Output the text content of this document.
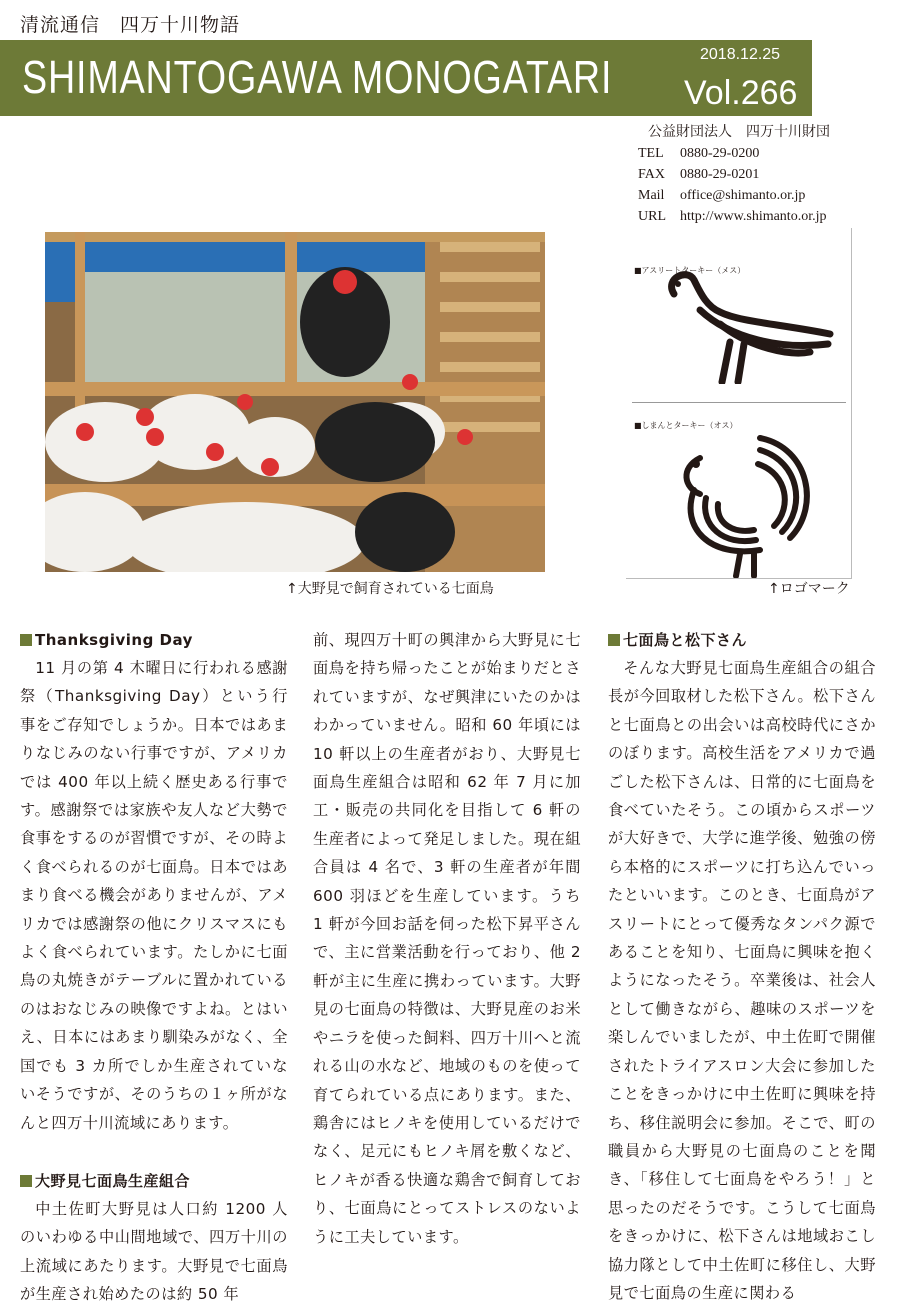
清流通信　四万十川物語
SHIMANTOGAWA MONOGATARI	2018.12.25
Vol.266
公益財団法人　四万十川財団
TEL	0880-29-0200
FAX	0880-29-0201
Mail	office@shimanto.or.jp
URL	http://www.shimanto.or.jp
↑大野見で飼育されている七面鳥
■アスリートターキー（メス）
■しまんとターキー（オス）
↑ロゴマーク
Thanksgiving Day

11 月の第 4 木曜日に行われる感謝祭（Thanksgiving Day）という行事をご存知でしょうか。日本ではあまりなじみのない行事ですが、アメリカでは 400 年以上続く歴史ある行事です。感謝祭では家族や友人など大勢で食事をするのが習慣ですが、その時よく食べられるのが七面鳥。日本ではあまり食べる機会がありませんが、アメリカでは感謝祭の他にクリスマスにもよく食べられています。たしかに七面鳥の丸焼きがテーブルに置かれているのはおなじみの映像ですよね。とはいえ、日本にはあまり馴染みがなく、全国でも 3 カ所でしか生産されていないそうですが、そのうちの１ヶ所がなんと四万十川流域にあります。

大野見七面鳥生産組合

中土佐町大野見は人口約 1200 人のいわゆる中山間地域で、四万十川の上流域にあたります。大野見で七面鳥が生産され始めたのは約 50 年

前、現四万十町の興津から大野見に七面鳥を持ち帰ったことが始まりだとされていますが、なぜ興津にいたのかはわかっていません。昭和 60 年頃には 10 軒以上の生産者がおり、大野見七面鳥生産組合は昭和 62 年 7 月に加工・販売の共同化を目指して 6 軒の生産者によって発足しました。現在組合員は 4 名で、3 軒の生産者が年間 600 羽ほどを生産しています。うち 1 軒が今回お話を伺った松下昇平さんで、主に営業活動を行っており、他 2 軒が主に生産に携わっています。大野見の七面鳥の特徴は、大野見産のお米やニラを使った飼料、四万十川へと流れる山の水など、地域のものを使って育てられている点にあります。また、鶏舎にはヒノキを使用しているだけでなく、足元にもヒノキ屑を敷くなど、ヒノキが香る快適な鶏舎で飼育しており、七面鳥にとってストレスのないように工夫しています。

七面鳥と松下さん

そんな大野見七面鳥生産組合の組合長が今回取材した松下さん。松下さんと七面鳥との出会いは高校時代にさかのぼります。高校生活をアメリカで過ごした松下さんは、日常的に七面鳥を食べていたそう。この頃からスポーツが大好きで、大学に進学後、勉強の傍ら本格的にスポーツに打ち込んでいったといいます。このとき、七面鳥がアスリートにとって優秀なタンパク源であることを知り、七面鳥に興味を抱くようになったそう。卒業後は、社会人として働きながら、趣味のスポーツを楽しんでいましたが、中土佐町で開催されたトライアスロン大会に参加したことをきっかけに中土佐町に興味を持ち、移住説明会に参加。そこで、町の職員から大野見の七面鳥のことを聞き、「移住して七面鳥をやろう！」と思ったのだそうです。こうして七面鳥をきっかけに、松下さんは地域おこし協力隊として中土佐町に移住し、大野見で七面鳥の生産に関わる
